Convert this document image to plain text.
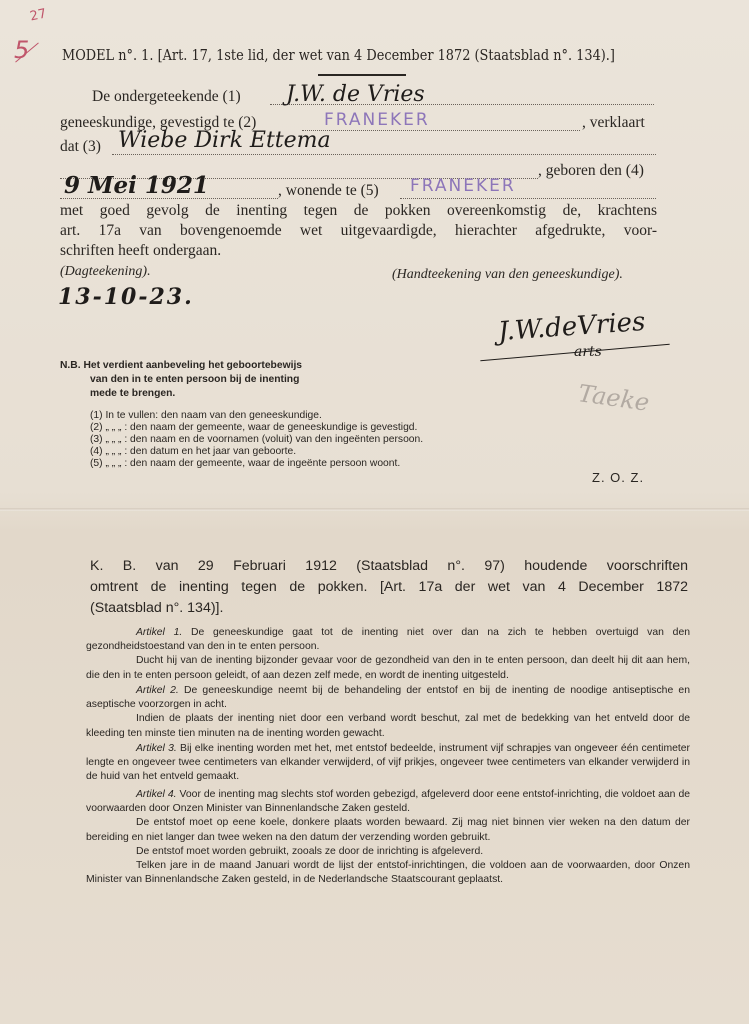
27
5 MODEL n°. 1. [Art. 17, 1ste lid, der wet van 4 December 1872 (Staatsblad n°. 134).]
De ondergeteekende (1) J.W. de Vries
geneeskundige, gevestigd te (2)	FRANEKER	, verklaart
dat (3) Wiebe Dirk Ettema
, geboren den (4)
9 Mei 1921	, wonende te (5) FRANEKER
met goed gevolg de inenting tegen de pokken overeenkomstig de, krachtens
art. 17a van bovengenoemde wet uitgevaardigde, hierachter afgedrukte, voor-
schriften heeft ondergaan.
(Dagteekening).
13-10-23.
(Handteekening van den geneeskundige).
J.W.deVries
arts
Taeke
N.B. Het verdient aanbeveling het geboortebewijs
van den in te enten persoon bij de inenting
mede te brengen.
(1) In te vullen: den naam van den geneeskundige.
(2) „ „ „ : den naam der gemeente, waar de geneeskundige is gevestigd.
(3) „ „ „ : den naam en de voornamen (voluit) van den ingeënten persoon.
(4) „ „ „ : den datum en het jaar van geboorte.
(5) „ „ „ : den naam der gemeente, waar de ingeënte persoon woont.
Z. O. Z.
K. B. van 29 Februari 1912 (Staatsblad n°. 97) houdende voorschriften
omtrent de inenting tegen de pokken. [Art. 17a der wet van 4 December 1872
(Staatsblad n°. 134)].
Artikel 1. De geneeskundige gaat tot de inenting niet over dan na zich te hebben overtuigd van den gezondheidstoestand van den in te enten persoon.
Ducht hij van de inenting bijzonder gevaar voor de gezondheid van den in te enten persoon, dan deelt hij dit aan hem, die den in te enten persoon geleidt, of aan dezen zelf mede, en wordt de inenting uitgesteld.
Artikel 2. De geneeskundige neemt bij de behandeling der entstof en bij de inenting de noodige antiseptische en aseptische voorzorgen in acht.
Indien de plaats der inenting niet door een verband wordt beschut, zal met de bedekking van het entveld door de kleeding ten minste tien minuten na de inenting worden gewacht.
Artikel 3. Bij elke inenting worden met het, met entstof bedeelde, instrument vijf schrapjes van ongeveer één centimeter lengte en ongeveer twee centimeters van elkander verwijderd, of vijf prikjes, ongeveer twee centimeters van elkander verwijderd in de huid van het entveld gemaakt.
Artikel 4. Voor de inenting mag slechts stof worden gebezigd, afgeleverd door eene entstof-inrichting, die voldoet aan de voorwaarden door Onzen Minister van Binnenlandsche Zaken gesteld.
De entstof moet op eene koele, donkere plaats worden bewaard. Zij mag niet binnen vier weken na den datum der bereiding en niet langer dan twee weken na den datum der verzending worden gebruikt.
De entstof moet worden gebruikt, zooals ze door de inrichting is afgeleverd.
Telken jare in de maand Januari wordt de lijst der entstof-inrichtingen, die voldoen aan de voorwaarden, door Onzen Minister van Binnenlandsche Zaken gesteld, in de Nederlandsche Staatscourant geplaatst.
